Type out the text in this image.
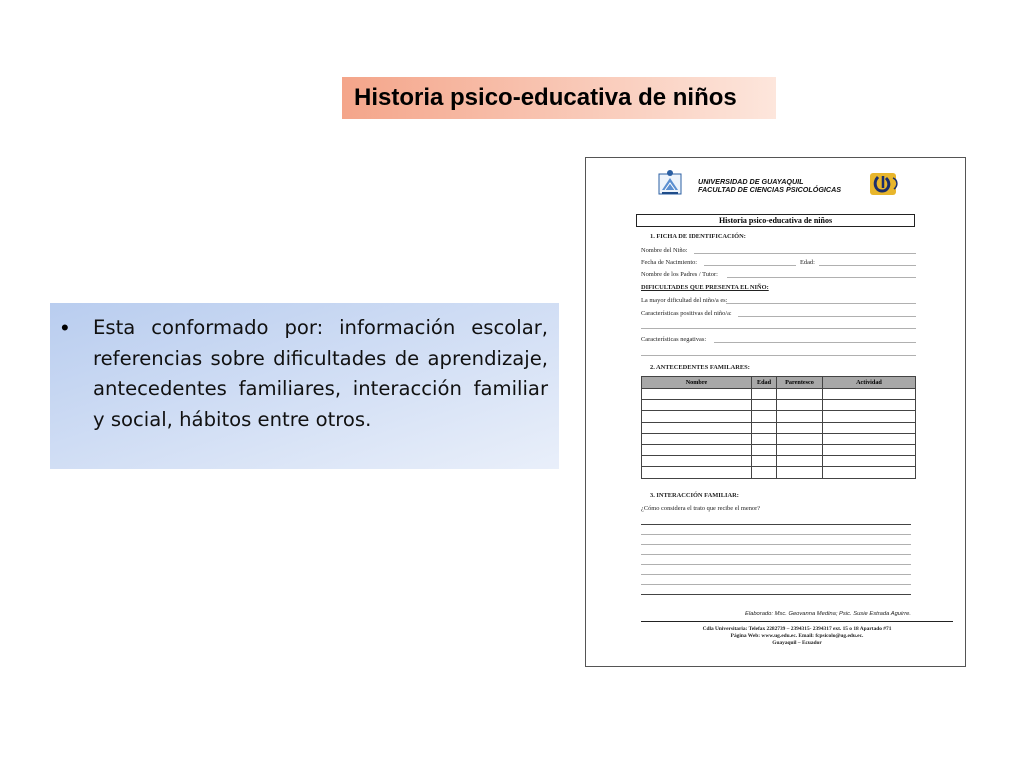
Historia psico-educativa de niños
• Esta conformado por: información escolar, referencias sobre dificultades de aprendizaje, antecedentes familiares, interacción familiar y social, hábitos entre otros.
UNIVERSIDAD DE GUAYAQUIL
FACULTAD DE CIENCIAS PSICOLÓGICAS
Historia psico-educativa de niños
1. FICHA DE IDENTIFICACIÓN:
Nombre del Niño:
Fecha de Nacimiento:	Edad:
Nombre de los Padres / Tutor:
DIFICULTADES QUE PRESENTA EL NIÑO:
La mayor dificultad del niño/a es:
Características positivas del niño/a:
Características negativas:
2. ANTECEDENTES FAMILARES:
Nombre	Edad	Parentesco	Actividad

3. INTERACCIÓN FAMILIAR:
¿Cómo considera el trato que recibe el menor?
Elaborado: Msc. Geovanna Medina; Psic. Susie Estrada Aguirre.
Cdla Universitaria: Telefax 2282739 – 2394315- 2394317 ext. 15 o 18 Apartado #71
Página Web: www.ug.edu.ec. Email: fcpsicolo@ug.edu.ec.
Guayaquil – Ecuador
